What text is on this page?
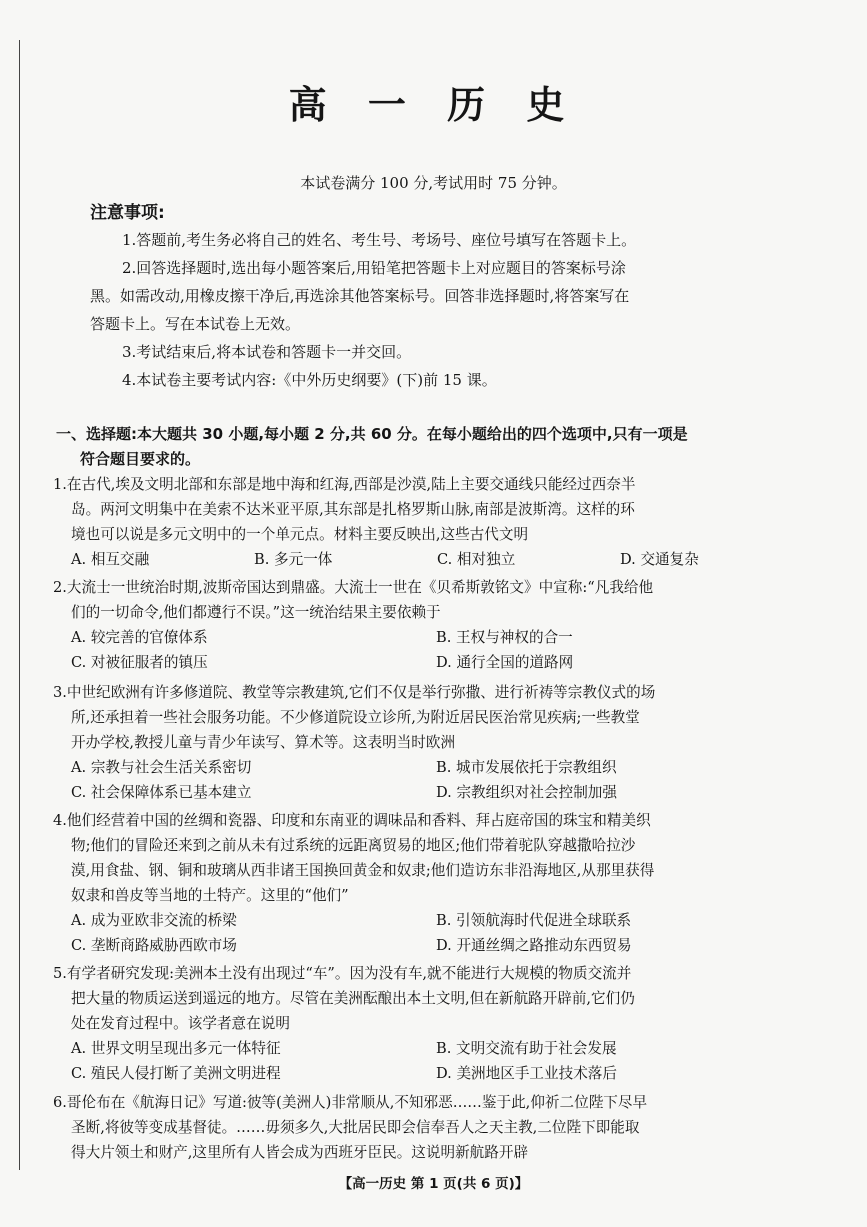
高 一 历 史
本试卷满分 100 分,考试用时 75 分钟。
注意事项:
1.答题前,考生务必将自己的姓名、考生号、考场号、座位号填写在答题卡上。
2.回答选择题时,选出每小题答案后,用铅笔把答题卡上对应题目的答案标号涂
黑。如需改动,用橡皮擦干净后,再选涂其他答案标号。回答非选择题时,将答案写在
答题卡上。写在本试卷上无效。
3.考试结束后,将本试卷和答题卡一并交回。
4.本试卷主要考试内容:《中外历史纲要》(下)前 15 课。
一、选择题:本大题共 30 小题,每小题 2 分,共 60 分。在每小题给出的四个选项中,只有一项是
符合题目要求的。
1.在古代,埃及文明北部和东部是地中海和红海,西部是沙漠,陆上主要交通线只能经过西奈半
岛。两河文明集中在美索不达米亚平原,其东部是扎格罗斯山脉,南部是波斯湾。这样的环
境也可以说是多元文明中的一个单元点。材料主要反映出,这些古代文明
A. 相互交融	B. 多元一体	C. 相对独立	D. 交通复杂
2.大流士一世统治时期,波斯帝国达到鼎盛。大流士一世在《贝希斯敦铭文》中宣称:“凡我给他
们的一切命令,他们都遵行不误。”这一统治结果主要依赖于
A. 较完善的官僚体系	B. 王权与神权的合一
C. 对被征服者的镇压	D. 通行全国的道路网
3.中世纪欧洲有许多修道院、教堂等宗教建筑,它们不仅是举行弥撒、进行祈祷等宗教仪式的场
所,还承担着一些社会服务功能。不少修道院设立诊所,为附近居民医治常见疾病;一些教堂
开办学校,教授儿童与青少年读写、算术等。这表明当时欧洲
A. 宗教与社会生活关系密切	B. 城市发展依托于宗教组织
C. 社会保障体系已基本建立	D. 宗教组织对社会控制加强
4.他们经营着中国的丝绸和瓷器、印度和东南亚的调味品和香料、拜占庭帝国的珠宝和精美织
物;他们的冒险还来到之前从未有过系统的远距离贸易的地区;他们带着驼队穿越撒哈拉沙
漠,用食盐、钢、铜和玻璃从西非诸王国换回黄金和奴隶;他们造访东非沿海地区,从那里获得
奴隶和兽皮等当地的土特产。这里的“他们”
A. 成为亚欧非交流的桥梁	B. 引领航海时代促进全球联系
C. 垄断商路威胁西欧市场	D. 开通丝绸之路推动东西贸易
5.有学者研究发现:美洲本土没有出现过“车”。因为没有车,就不能进行大规模的物质交流并
把大量的物质运送到遥远的地方。尽管在美洲酝酿出本土文明,但在新航路开辟前,它们仍
处在发育过程中。该学者意在说明
A. 世界文明呈现出多元一体特征	B. 文明交流有助于社会发展
C. 殖民人侵打断了美洲文明进程	D. 美洲地区手工业技术落后
6.哥伦布在《航海日记》写道:彼等(美洲人)非常顺从,不知邪恶……鉴于此,仰祈二位陛下尽早
圣断,将彼等变成基督徒。……毋须多久,大批居民即会信奉吾人之天主教,二位陛下即能取
得大片领土和财产,这里所有人皆会成为西班牙臣民。这说明新航路开辟
【高一历史 第 1 页(共 6 页)】
